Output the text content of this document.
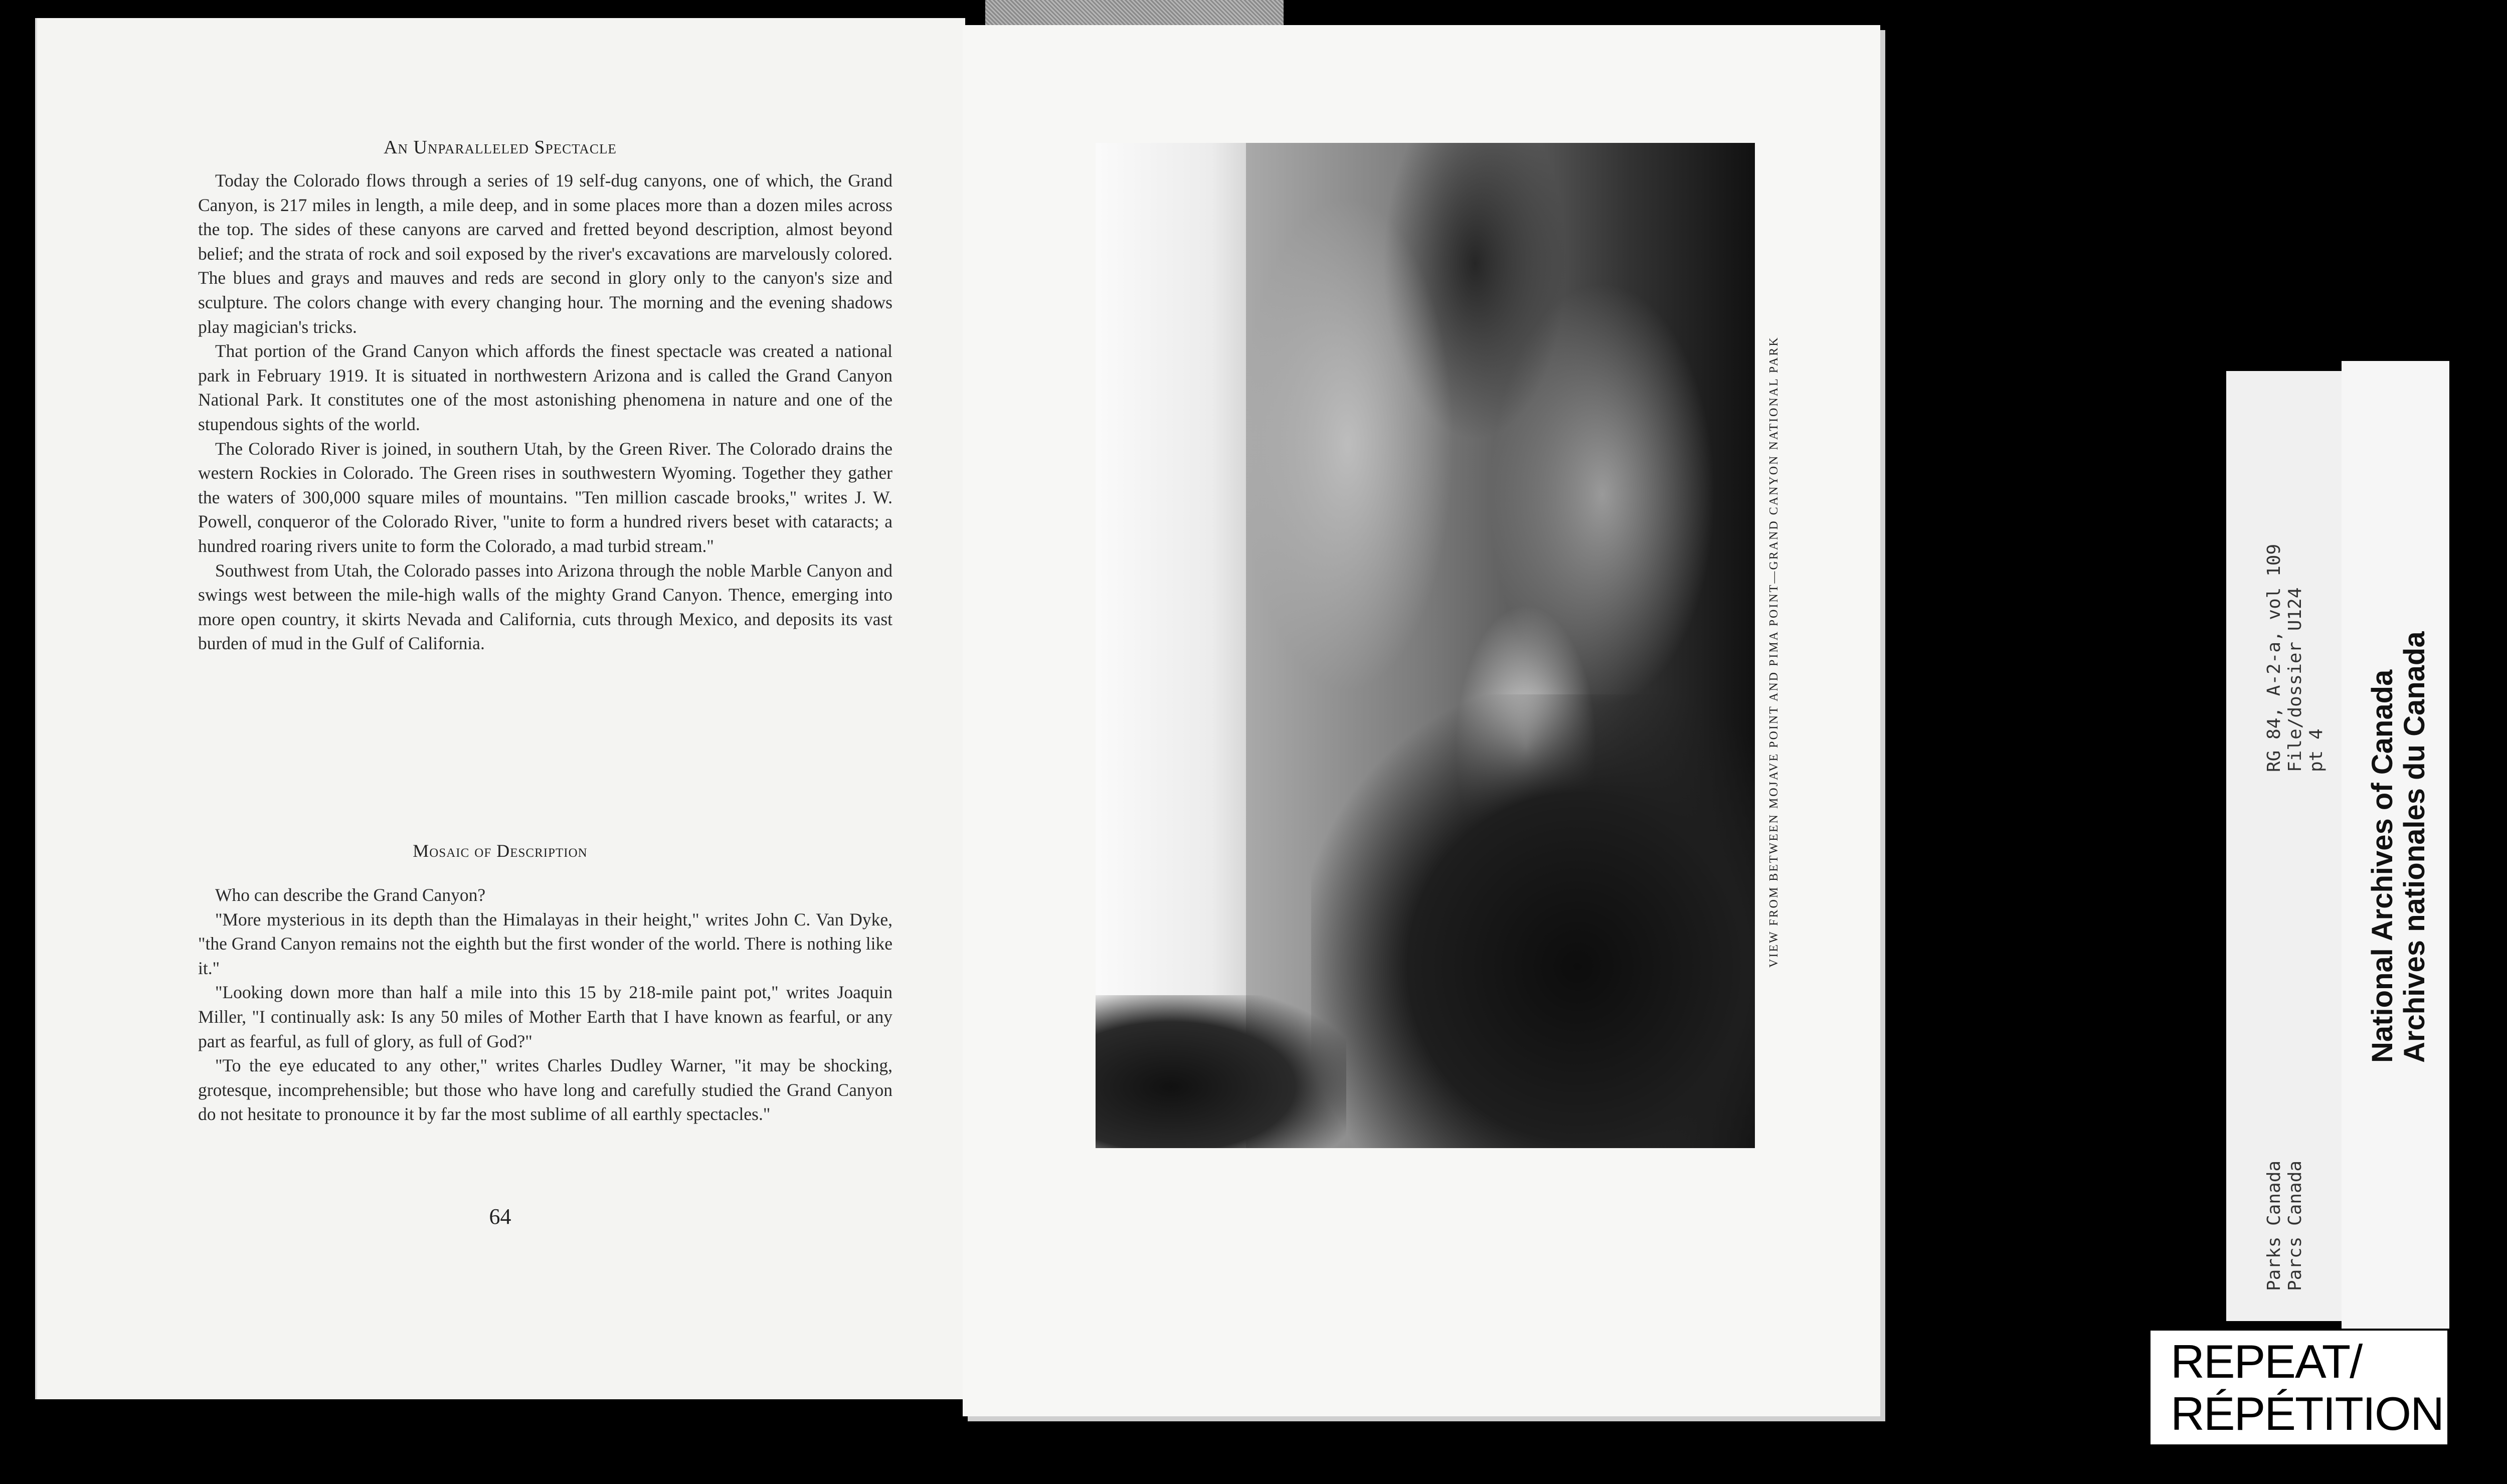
An Unparalleled Spectacle

Today the Colorado flows through a series of 19 self-dug canyons, one of which, the Grand Canyon, is 217 miles in length, a mile deep, and in some places more than a dozen miles across the top. The sides of these canyons are carved and fretted beyond description, almost beyond belief; and the strata of rock and soil exposed by the river's excavations are marvelously colored. The blues and grays and mauves and reds are second in glory only to the canyon's size and sculpture. The colors change with every changing hour. The morning and the evening shadows play magician's tricks.

That portion of the Grand Canyon which affords the finest spectacle was created a national park in February 1919. It is situated in northwestern Arizona and is called the Grand Canyon National Park. It constitutes one of the most astonishing phenomena in nature and one of the stupendous sights of the world.

The Colorado River is joined, in southern Utah, by the Green River. The Colorado drains the western Rockies in Colorado. The Green rises in southwestern Wyoming. Together they gather the waters of 300,000 square miles of mountains. "Ten million cascade brooks," writes J. W. Powell, conqueror of the Colorado River, "unite to form a hundred rivers beset with cataracts; a hundred roaring rivers unite to form the Colorado, a mad turbid stream."

Southwest from Utah, the Colorado passes into Arizona through the noble Marble Canyon and swings west between the mile-high walls of the mighty Grand Canyon. Thence, emerging into more open country, it skirts Nevada and California, cuts through Mexico, and deposits its vast burden of mud in the Gulf of California.

Mosaic of Description

Who can describe the Grand Canyon?

"More mysterious in its depth than the Himalayas in their height," writes John C. Van Dyke, "the Grand Canyon remains not the eighth but the first wonder of the world. There is nothing like it."

"Looking down more than half a mile into this 15 by 218-mile paint pot," writes Joaquin Miller, "I continually ask: Is any 50 miles of Mother Earth that I have known as fearful, or any part as fearful, as full of glory, as full of God?"

"To the eye educated to any other," writes Charles Dudley Warner, "it may be shocking, grotesque, incomprehensible; but those who have long and carefully studied the Grand Canyon do not hesitate to pronounce it by far the most sublime of all earthly spectacles."

64
VIEW FROM BETWEEN MOJAVE POINT AND PIMA POINT—GRAND CANYON NATIONAL PARK	RG 84, A-2-a, vol 109 File/dossier U124 pt 4
Parks Canada Parcs Canada
National Archives of Canada Archives nationales du Canada
REPEAT/
RÉPÉTITION
